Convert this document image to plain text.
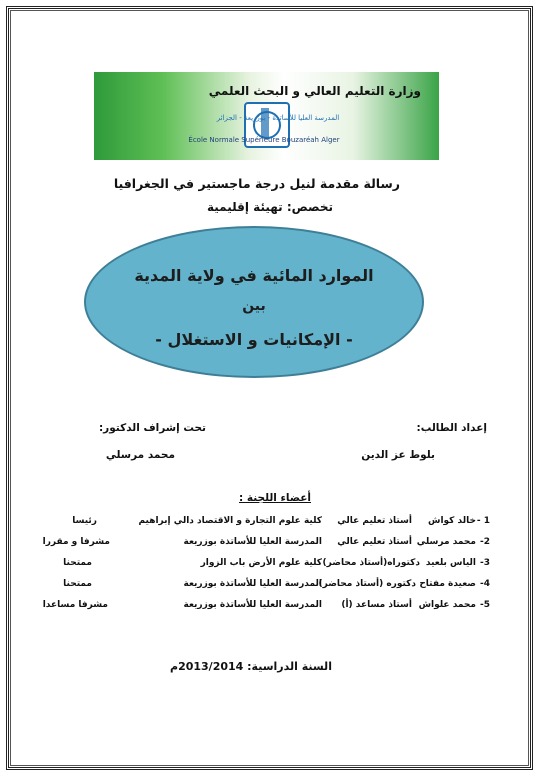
وزارة التعليم العالي و البحث العلمي
المدرسة العليا للأساتذة - بوزريعة - الجزائر
École Normale Supérieure Bouzaréah Alger
رسالة مقدمة لنيل درجة ماجستير في الجغرافيا
تخصص: تهيئة إقليمية
الموارد المائية في ولاية المدية
بين
- الإمكانيات و الاستغلال -
إعداد الطالب:
بلوط عز الدين
تحت إشراف الدكتور:
محمد مرسلي
أعضاء اللجنة :
1 -
خالد كواش
أستاذ تعليم عالي
كلية علوم التجارة و الاقتصاد دالي إبراهيم
رئيسا
2-
محمد مرسلي
أستاذ تعليم عالي
المدرسة العليا للأساتذة بوزريعة
مشرفا و مقررا
3-
الياس بلعيد
دكتوراه(أستاذ محاضر)
كلية علوم الأرض باب الزوار
ممتحنا
4-
صعيدة مفتاح
دكتوره (أستاذ محاضر)
المدرسة العليا للأساتذة بوزريعة
ممتحنا
5-
محمد علواش
أستاذ مساعد (أ)
المدرسة العليا للأساتذة بوزريعة
مشرفا مساعدا
السنة الدراسية: 2013/2014م
